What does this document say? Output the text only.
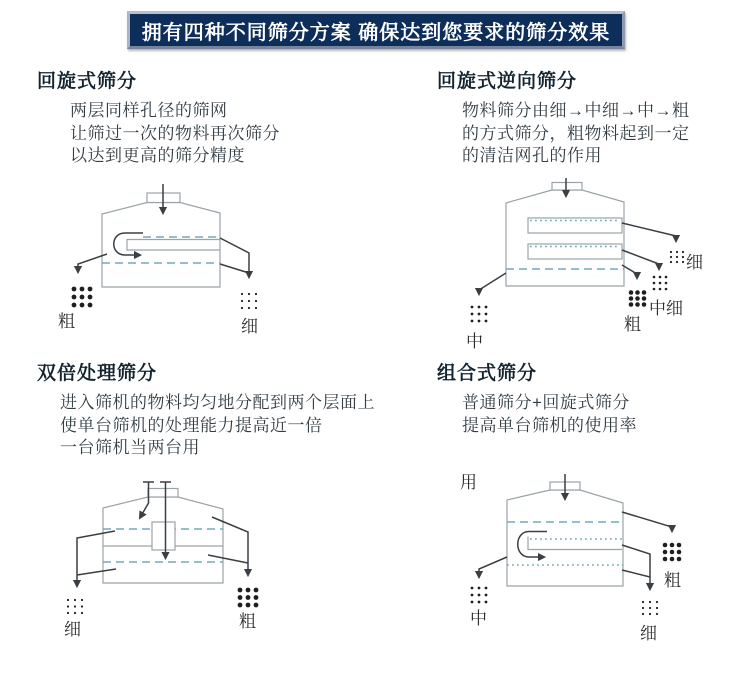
拥有四种不同筛分方案 确保达到您要求的筛分效果
回旋式筛分
两层同样孔径的筛网
让筛过一次的物料再次筛分
以达到更高的筛分精度
回旋式逆向筛分
物料筛分由细→中细→中→粗
的方式筛分，粗物料起到一定
的清洁网孔的作用
双倍处理筛分
进入筛机的物料均匀地分配到两个层面上
使单台筛机的处理能力提高近一倍
一台筛机当两台用
组合式筛分
普通筛分+回旋式筛分
提高单台筛机的使用率
粗	细
细
中细
粗
中
细	粗
用
粗
细
中
